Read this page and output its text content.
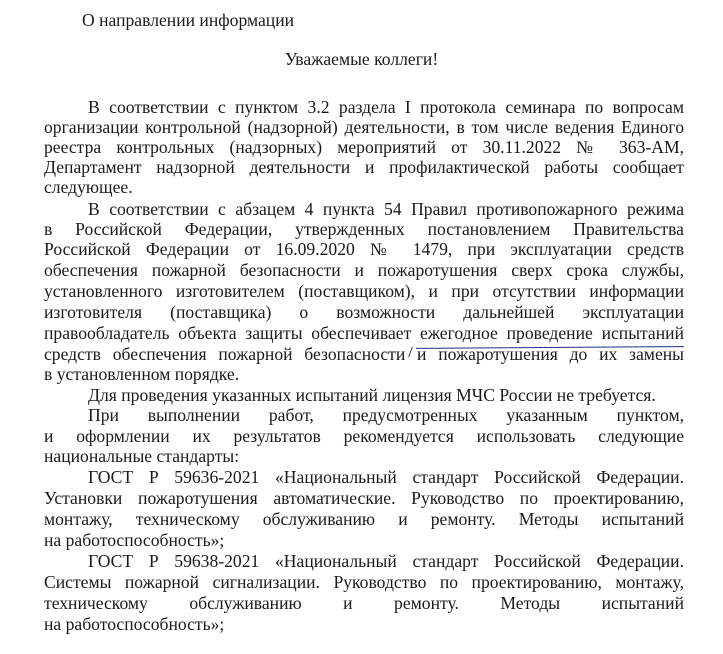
О направлении информации
Уважаемые коллеги!
В соответствии с пунктом 3.2 раздела I протокола семинара по вопросам
организации контрольной (надзорной) деятельности, в том числе ведения Единого
реестра контрольных (надзорных) мероприятий от 30.11.2022 № 363-АМ,
Департамент надзорной деятельности и профилактической работы сообщает
следующее.
В соответствии с абзацем 4 пункта 54 Правил противопожарного режима
в Российской Федерации, утвержденных постановлением Правительства
Российской Федерации от 16.09.2020 № 1479, при эксплуатации средств
обеспечения пожарной безопасности и пожаротушения сверх срока службы,
установленного изготовителем (поставщиком), и при отсутствии информации
изготовителя (поставщика) о возможности дальнейшей эксплуатации
правообладатель объекта защиты обеспечивает ежегодное проведение испытаний
средств обеспечения пожарной безопасности и пожаротушения до их замены
в установленном порядке.
Для проведения указанных испытаний лицензия МЧС России не требуется.
При выполнении работ, предусмотренных указанным пунктом,
и оформлении их результатов рекомендуется использовать следующие
национальные стандарты:
ГОСТ Р 59636-2021 «Национальный стандарт Российской Федерации.
Установки пожаротушения автоматические. Руководство по проектированию,
монтажу, техническому обслуживанию и ремонту. Методы испытаний
на работоспособность»;
ГОСТ Р 59638-2021 «Национальный стандарт Российской Федерации.
Системы пожарной сигнализации. Руководство по проектированию, монтажу,
техническому обслуживанию и ремонту. Методы испытаний
на работоспособность»;
